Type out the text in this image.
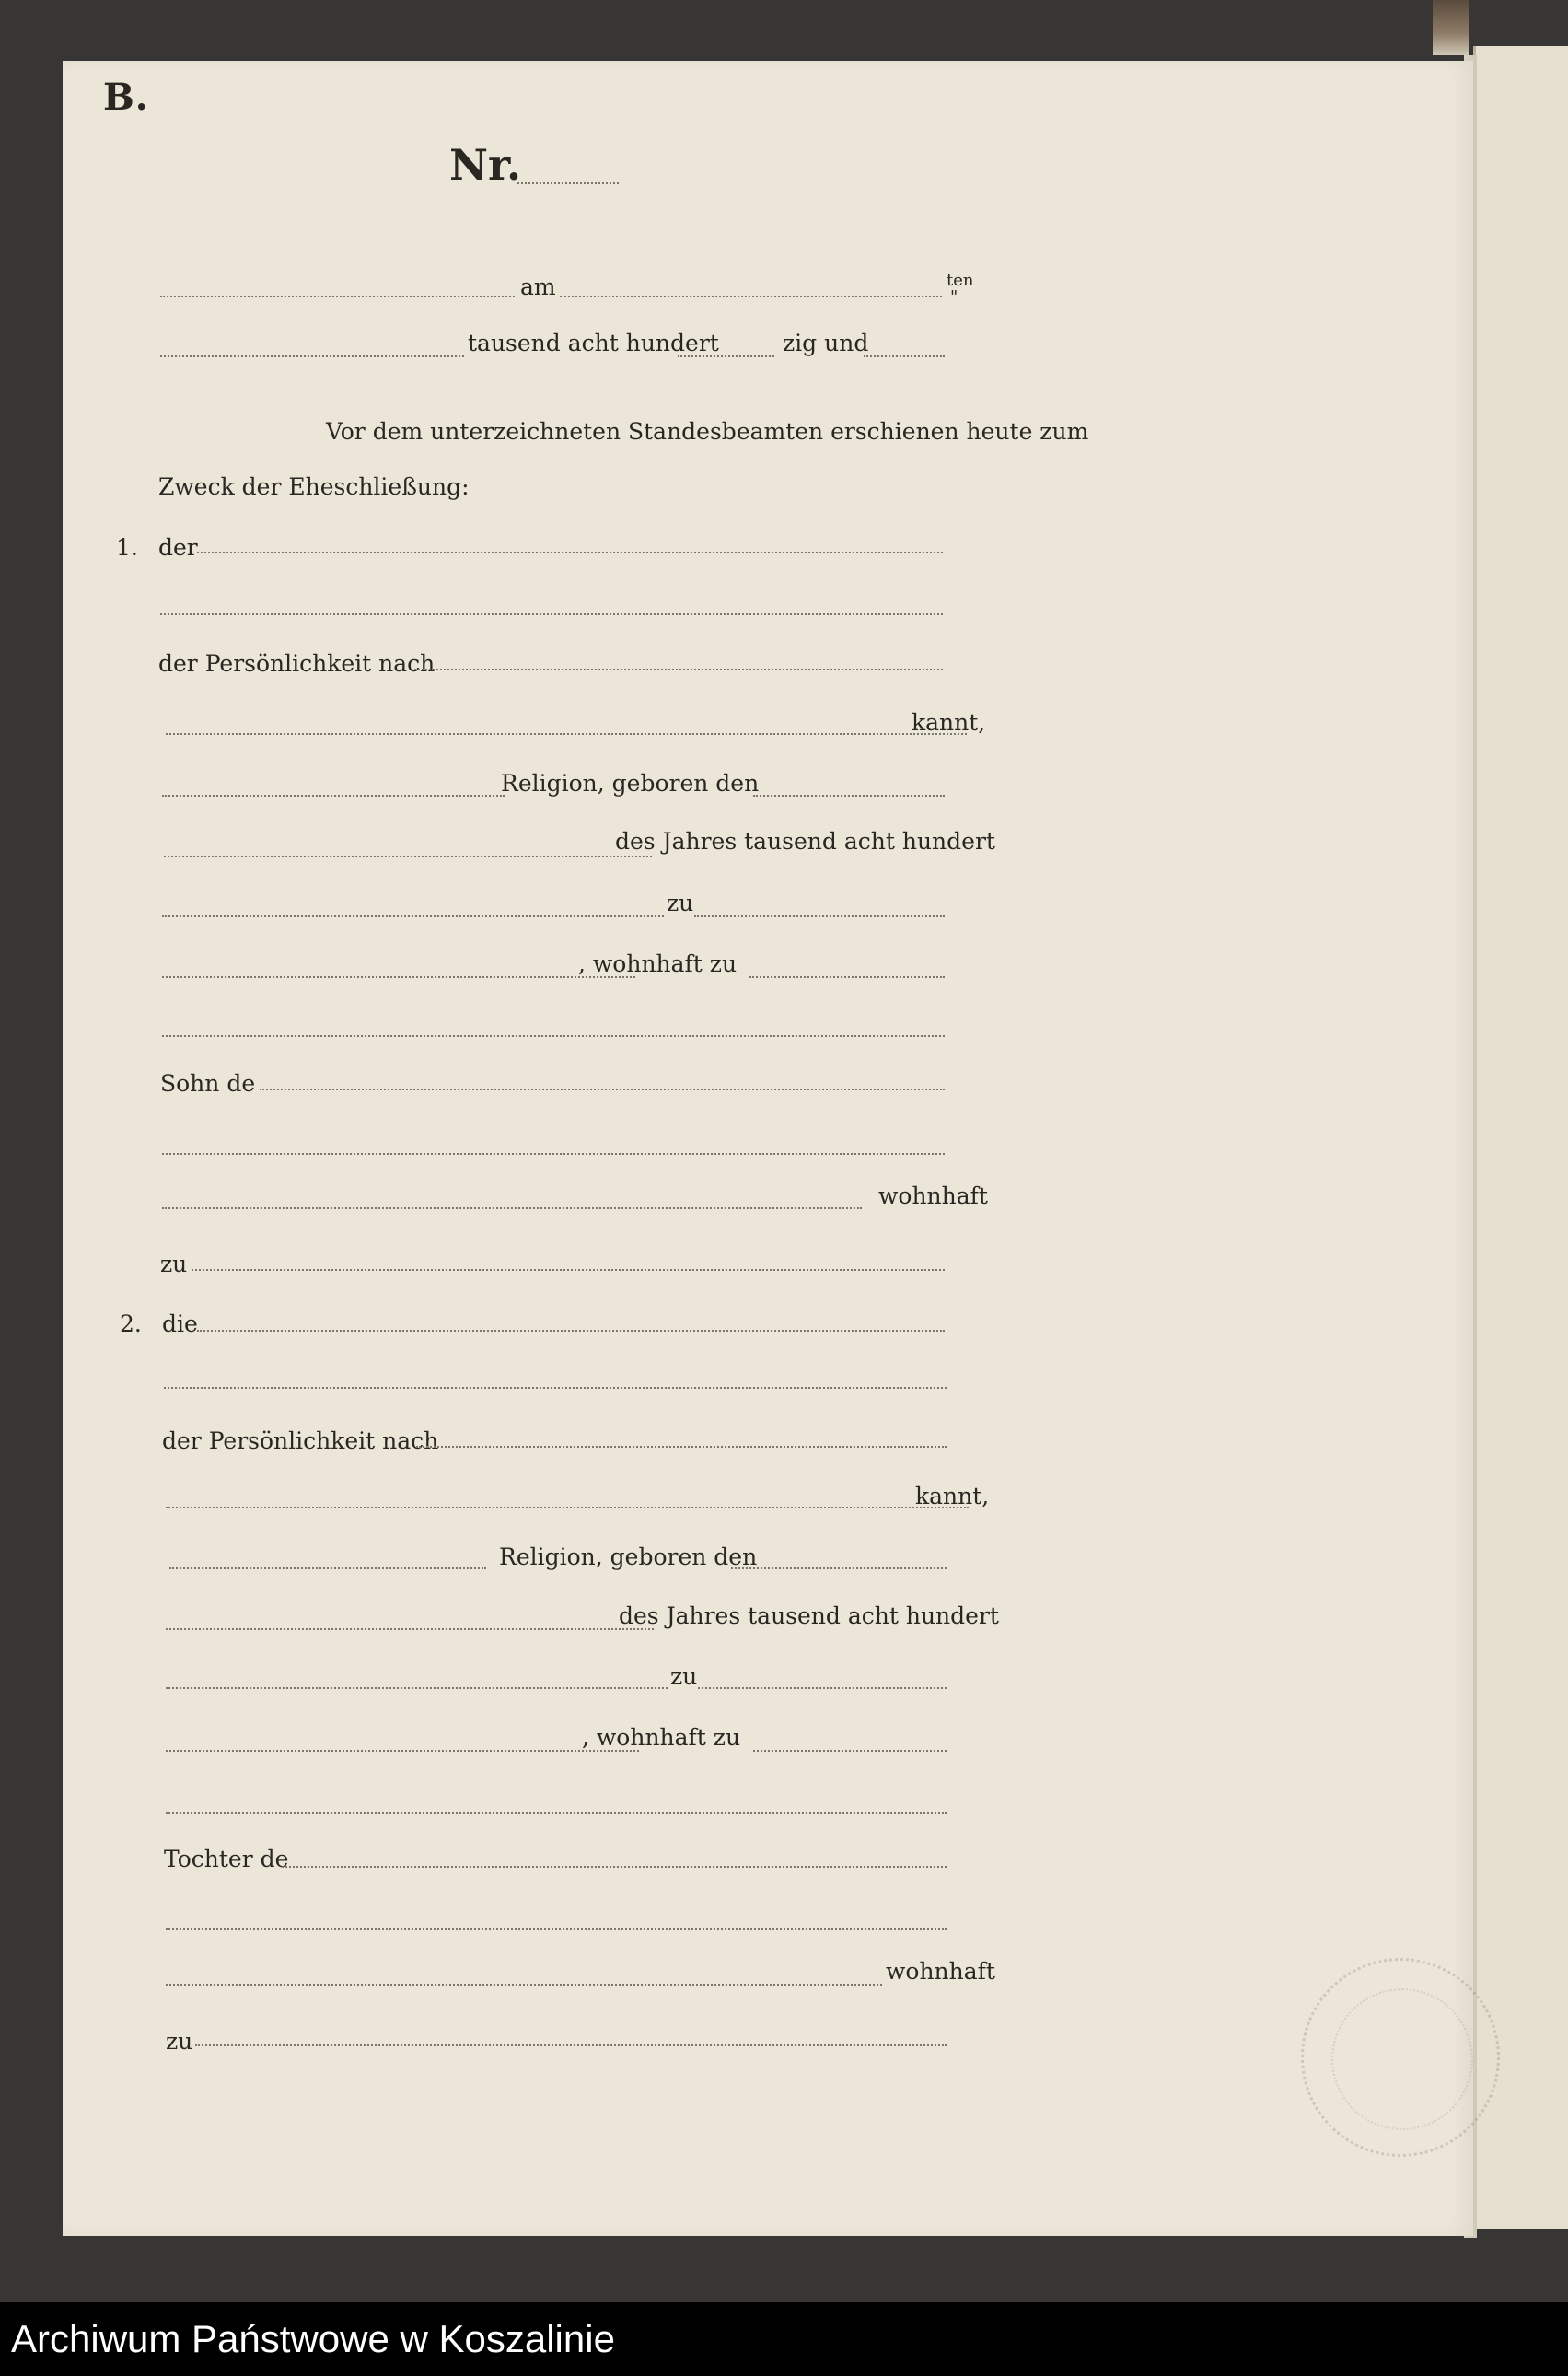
B.
Nr.
am	ten
"
tausend acht hundert	zig und
Vor dem unterzeichneten Standesbeamten erschienen heute zum
Zweck der Eheschließung:
1. der
der Persönlichkeit nach
kannt,
Religion, geboren den
des Jahres tausend acht hundert
zu
, wohnhaft zu
Sohn de
wohnhaft
zu
2. die
der Persönlichkeit nach
kannt,
Religion, geboren den
des Jahres tausend acht hundert
zu
, wohnhaft zu
Tochter de
wohnhaft
zu
Archiwum Państwowe w Koszalinie
